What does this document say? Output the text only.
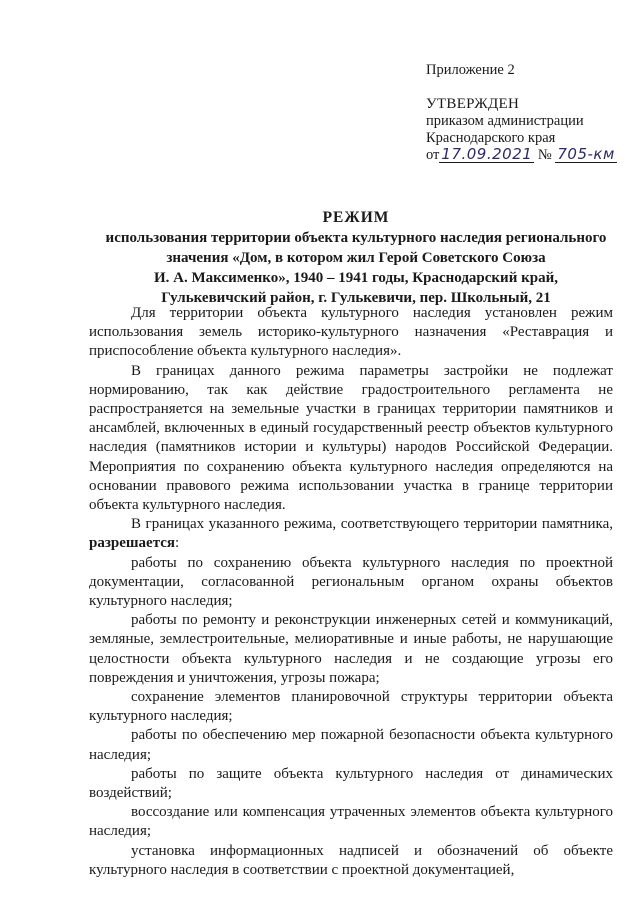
Приложение 2
УТВЕРЖДЕН
приказом администрации
Краснодарского края
от 17.09.2021 № 705-км
РЕЖИМ
использования территории объекта культурного наследия регионального
значения «Дом, в котором жил Герой Советского Союза
И. А. Максименко», 1940 – 1941 годы, Краснодарский край,
Гулькевичский район, г. Гулькевичи, пер. Школьный, 21

Для территории объекта культурного наследия установлен режим использования земель историко-культурного назначения «Реставрация и приспособление объекта культурного наследия».

В границах данного режима параметры застройки не подлежат нормированию, так как действие градостроительного регламента не распространяется на земельные участки в границах территории памятников и ансамблей, включенных в единый государственный реестр объектов культурного наследия (памятников истории и культуры) народов Российской Федерации. Мероприятия по сохранению объекта культурного наследия определяются на основании правового режима использовании участка в границе территории объекта культурного наследия.

В границах указанного режима, соответствующего территории памятника, разрешается:

работы по сохранению объекта культурного наследия по проектной документации, согласованной региональным органом охраны объектов культурного наследия;

работы по ремонту и реконструкции инженерных сетей и коммуникаций, земляные, землестроительные, мелиоративные и иные работы, не нарушающие целостности объекта культурного наследия и не создающие угрозы его повреждения и уничтожения, угрозы пожара;

сохранение элементов планировочной структуры территории объекта культурного наследия;

работы по обеспечению мер пожарной безопасности объекта культурного наследия;

работы по защите объекта культурного наследия от динамических воздействий;

воссоздание или компенсация утраченных элементов объекта культурного наследия;

установка информационных надписей и обозначений об объекте культурного наследия в соответствии с проектной документацией,
